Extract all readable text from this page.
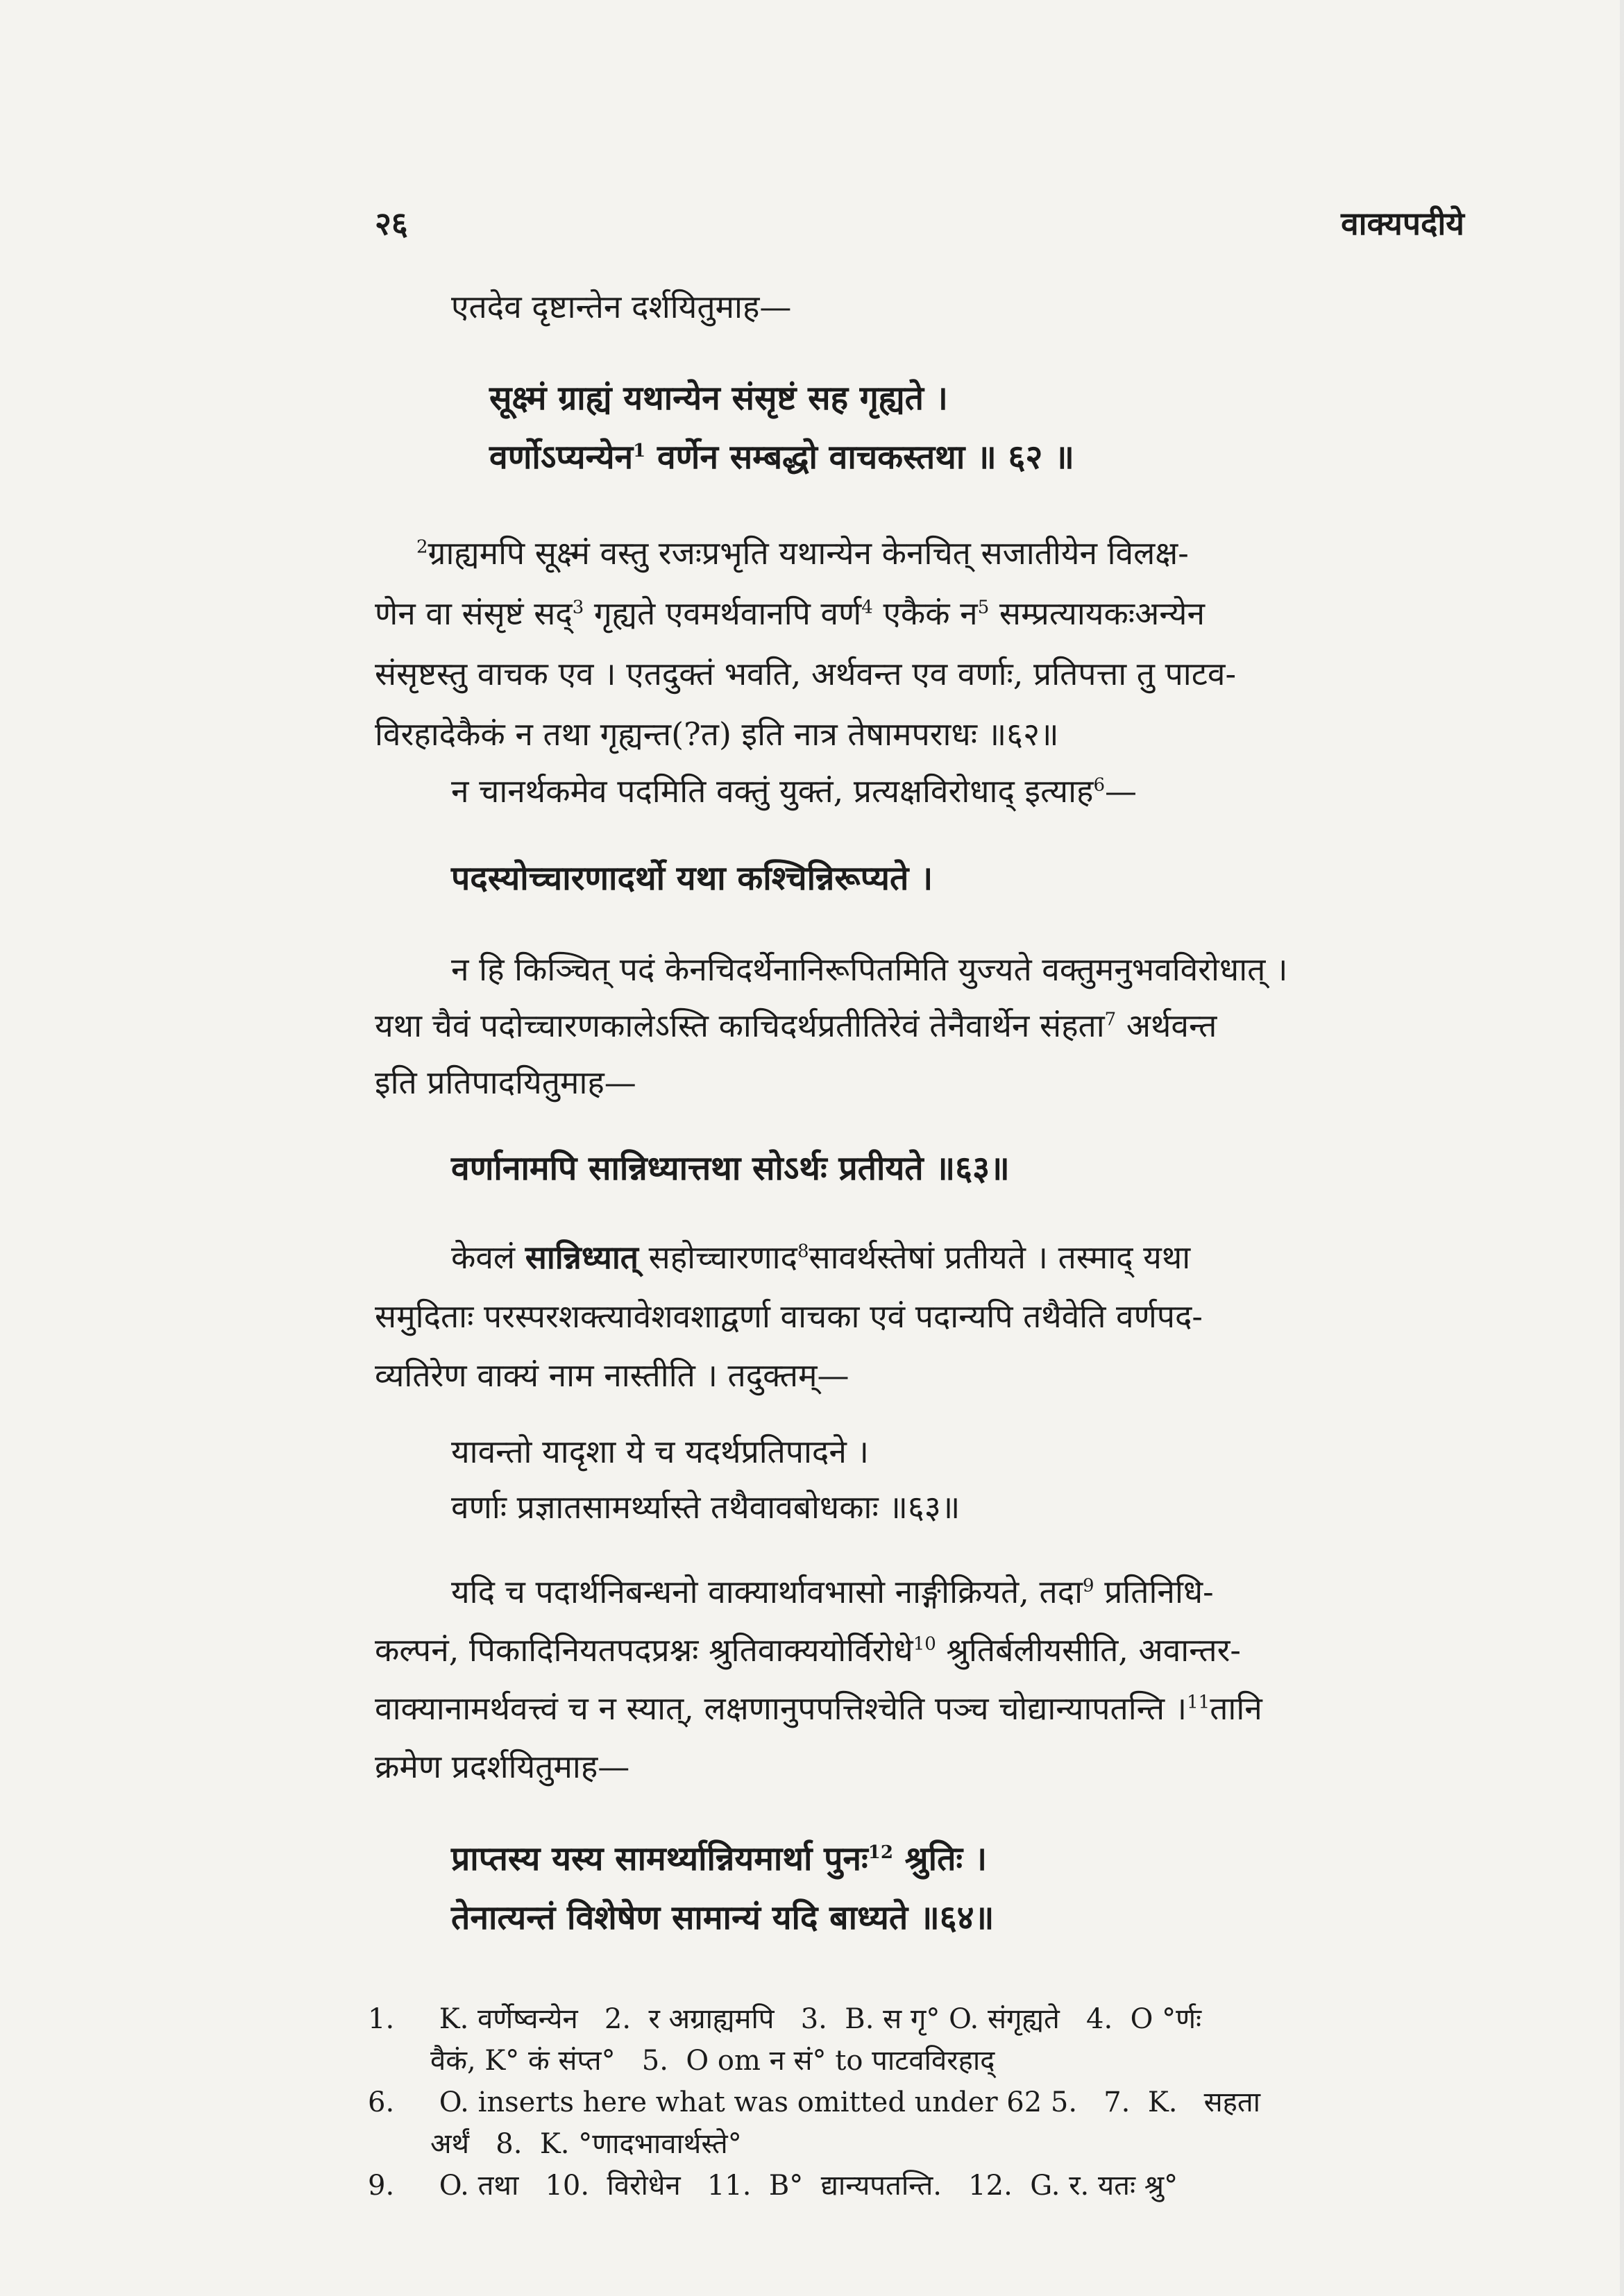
२६	वाक्यपदीये
एतदेव दृष्टान्तेन दर्शयितुमाह—
सूक्ष्मं ग्राह्यं यथान्येन संसृष्टं सह गृह्यते ।
वर्णोऽप्यन्येन$^1$ वर्णेन सम्बद्धो वाचकस्तथा ॥ ६२ ॥
$^2$ग्राह्यमपि सूक्ष्मं वस्तु रजःप्रभृति यथान्येन केनचित् सजातीयेन विलक्ष-
णेन वा संसृष्टं सद्$^3$ गृह्यते एवमर्थवानपि वर्ण$^4$ एकैकं न$^5$ सम्प्रत्यायकःअन्येन
संसृष्टस्तु वाचक एव । एतदुक्तं भवति, अर्थवन्त एव वर्णाः, प्रतिपत्ता तु पाटव-
विरहादेकैकं न तथा गृह्यन्त(?त) इति नात्र तेषामपराधः ॥६२॥
न चानर्थकमेव पदमिति वक्तुं युक्तं, प्रत्यक्षविरोधाद् इत्याह$^6$—
पदस्योच्चारणादर्थो यथा कश्चिन्निरूप्यते ।
न हि किञ्चित् पदं केनचिदर्थेनानिरूपितमिति युज्यते वक्तुमनुभवविरोधात् ।
यथा चैवं पदोच्चारणकालेऽस्ति काचिदर्थप्रतीतिरेवं तेनैवार्थेन संहता$^7$ अर्थवन्त
इति प्रतिपादयितुमाह—
वर्णानामपि सान्निध्यात्तथा सोऽर्थः प्रतीयते ॥६३॥
केवलं सान्निध्यात् सहोच्चारणाद$^8$सावर्थस्तेषां प्रतीयते । तस्माद् यथा
समुदिताः परस्परशक्त्यावेशवशाद्वर्णा वाचका एवं पदान्यपि तथैवेति वर्णपद-
व्यतिरेण वाक्यं नाम नास्तीति । तदुक्तम्—
यावन्तो यादृशा ये च यदर्थप्रतिपादने ।
वर्णाः प्रज्ञातसामर्थ्यास्ते तथैवावबोधकाः ॥६३॥
यदि च पदार्थनिबन्धनो वाक्यार्थावभासो नाङ्गीक्रियते, तदा$^9$ प्रतिनिधि-
कल्पनं, पिकादिनियतपदप्रश्नः श्रुतिवाक्ययोर्विरोधे$^{10}$ श्रुतिर्बलीयसीति, अवान्तर-
वाक्यानामर्थवत्त्वं च न स्यात्, लक्षणानुपपत्तिश्चेति पञ्च चोद्यान्यापतन्ति ।$^{11}$तानि
क्रमेण प्रदर्शयितुमाह—
प्राप्तस्य यस्य सामर्थ्यान्नियमार्था पुनः$^{12}$ श्रुतिः ।
तेनात्यन्तं विशेषेण सामान्यं यदि बाध्यते ॥६४॥
1. K. वर्णेष्वन्येन 2. र अग्राह्यमपि 3. B. स गृ° O. संगृह्यते 4. O °र्णः
वैकं, K° कं संप्त° 5. O om न सं° to पाटवविरहाद्
6. O. inserts here what was omitted under 62 5. 7. K. सहता
अर्थं 8. K. °णादभावार्थस्ते°
9. O. तथा 10. विरोधेन 11. B° द्यान्यपतन्ति. 12. G. र. यतः श्रु°
